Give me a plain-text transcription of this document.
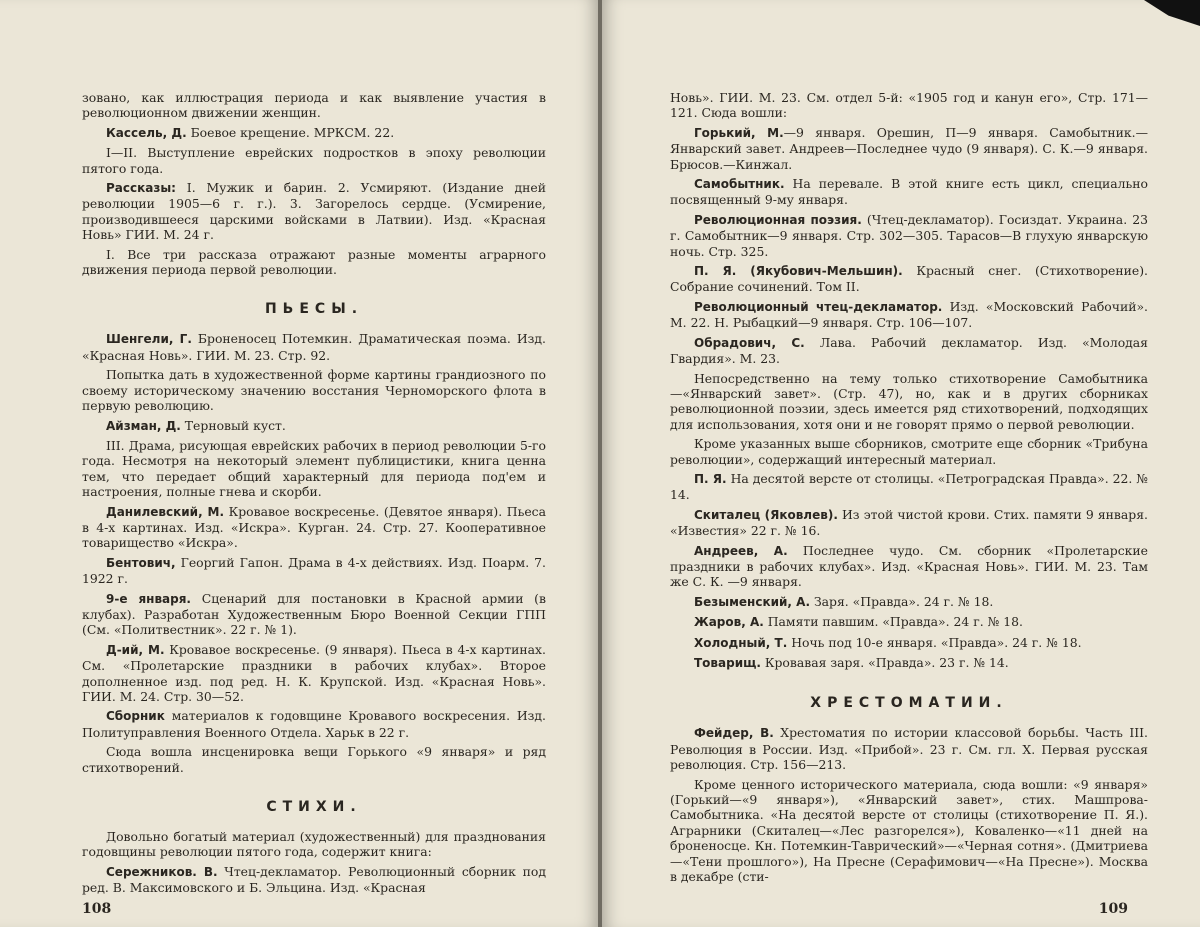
зовано, как иллюстрация периода и как выявление участия в революционном движении женщин.

Кассель, Д. Боевое крещение. МРКСМ. 22.

I—II. Выступление еврейских подростков в эпоху революции пятого года.

Рассказы: I. Мужик и барин. 2. Усмиряют. (Издание дней революции 1905—6 г. г.). 3. Загорелось сердце. (Усмирение, производившееся царскими войсками в Латвии). Изд. «Красная Новь» ГИИ. М. 24 г.

I. Все три рассказа отражают разные моменты аграрного движения периода первой революции.

ПЬЕСЫ.

Шенгели, Г. Броненосец Потемкин. Драматическая поэма. Изд. «Красная Новь». ГИИ. М. 23. Стр. 92.

Попытка дать в художественной форме картины грандиозного по своему историческому значению восстания Черноморского флота в первую революцию.

Айзман, Д. Терновый куст.

III. Драма, рисующая еврейских рабочих в период революции 5-го года. Несмотря на некоторый элемент публицистики, книга ценна тем, что передает общий характерный для периода под'ем и настроения, полные гнева и скорби.

Данилевский, М. Кровавое воскресенье. (Девятое января). Пьеса в 4-х картинах. Изд. «Искра». Курган. 24. Стр. 27. Кооперативное товарищество «Искра».

Бентович, Георгий Гапон. Драма в 4-х действиях. Изд. Поарм. 7. 1922 г.

9-е января. Сценарий для постановки в Красной армии (в клубах). Разработан Художественным Бюро Военной Секции ГПП (См. «Политвестник». 22 г. № 1).

Д-ий, М. Кровавое воскресенье. (9 января). Пьеса в 4-х картинах. См. «Пролетарские праздники в рабочих клубах». Второе дополненное изд. под ред. Н. К. Крупской. Изд. «Красная Новь». ГИИ. М. 24. Стр. 30—52.

Сборник материалов к годовщине Кровавого воскресения. Изд. Политуправления Военного Отдела. Харьк в 22 г.

Сюда вошла инсценировка вещи Горького «9 января» и ряд стихотворений.

СТИХИ.

Довольно богатый материал (художественный) для празднования годовщины революции пятого года, содержит книга:

Сережников. В. Чтец-декламатор. Революционный сборник под ред. В. Максимовского и Б. Эльцина. Изд. «Красная

108

Новь». ГИИ. М. 23. См. отдел 5-й: «1905 год и канун его», Стр. 171—121. Сюда вошли:

Горький, М.—9 января. Орешин, П—9 января. Самобытник.—Январский завет. Андреев—Последнее чудо (9 января). С. К.—9 января. Брюсов.—Кинжал.

Самобытник. На перевале. В этой книге есть цикл, специально посвященный 9-му января.

Революционная поэзия. (Чтец-декламатор). Госиздат. Украина. 23 г. Самобытник—9 января. Стр. 302—305. Тарасов—В глухую январскую ночь. Стр. 325.

П. Я. (Якубович-Мельшин). Красный снег. (Стихотворение). Собрание сочинений. Том II.

Революционный чтец-декламатор. Изд. «Московский Рабочий». М. 22. Н. Рыбацкий—9 января. Стр. 106—107.

Обрадович, С. Лава. Рабочий декламатор. Изд. «Молодая Гвардия». М. 23.

Непосредственно на тему только стихотворение Самобытника—«Январский завет». (Стр. 47), но, как и в других сборниках революционной поэзии, здесь имеется ряд стихотворений, подходящих для использования, хотя они и не говорят прямо о первой революции.

Кроме указанных выше сборников, смотрите еще сборник «Трибуна революции», содержащий интересный материал.

П. Я. На десятой версте от столицы. «Петроградская Правда». 22. № 14.

Скиталец (Яковлев). Из этой чистой крови. Стих. памяти 9 января. «Известия» 22 г. № 16.

Андреев, А. Последнее чудо. См. сборник «Пролетарские праздники в рабочих клубах». Изд. «Красная Новь». ГИИ. М. 23. Там же С. К. —9 января.

Безыменский, А. Заря. «Правда». 24 г. № 18.

Жаров, А. Памяти павшим. «Правда». 24 г. № 18.

Холодный, Т. Ночь под 10-е января. «Правда». 24 г. № 18.

Товарищ. Кровавая заря. «Правда». 23 г. № 14.

ХРЕСТОМАТИИ.

Фейдер, В. Хрестоматия по истории классовой борьбы. Часть III. Революция в России. Изд. «Прибой». 23 г. См. гл. X. Первая русская революция. Стр. 156—213.

Кроме ценного исторического материала, сюда вошли: «9 января» (Горький—«9 января»), «Январский завет», стих. Машпрова-Самобытника. «На десятой версте от столицы (стихотворение П. Я.). Аграрники (Скиталец—«Лес разгорелся»), Коваленко—«11 дней на броненосце. Кн. Потемкин-Таврический»—«Черная сотня». (Дмитриева—«Тени прошлого»), На Пресне (Серафимович—«На Пресне»). Москва в декабре (сти-

109
